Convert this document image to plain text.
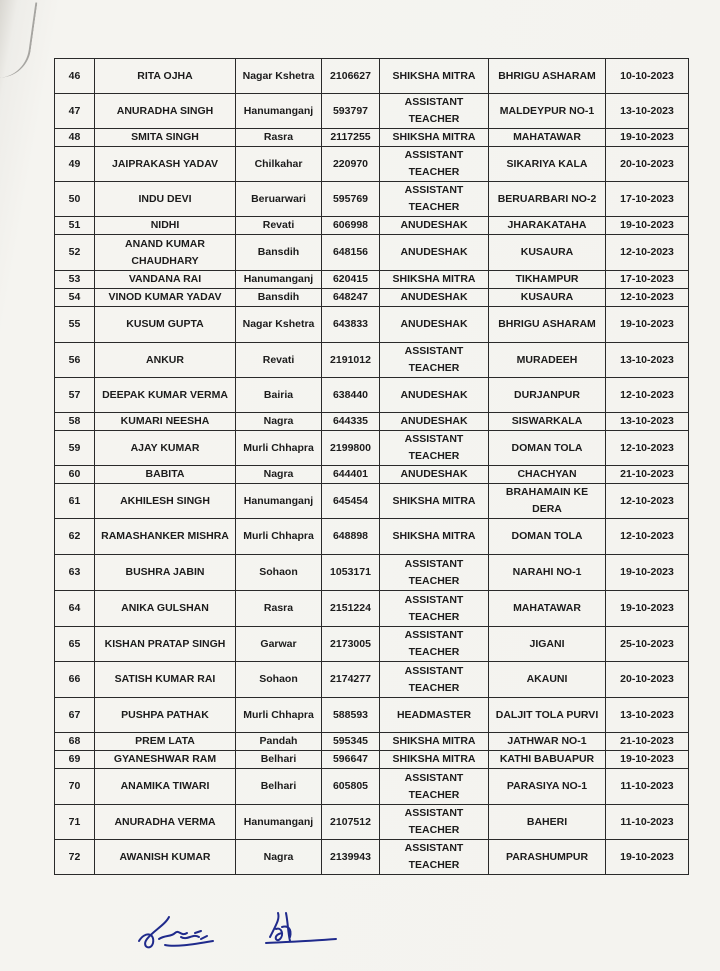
46	RITA OJHA	Nagar Kshetra	2106627	SHIKSHA MITRA	BHRIGU ASHARAM	10-10-2023
47	ANURADHA SINGH	Hanumanganj	593797	ASSISTANT TEACHER	MALDEYPUR NO-1	13-10-2023
48	SMITA SINGH	Rasra	2117255	SHIKSHA MITRA	MAHATAWAR	19-10-2023
49	JAIPRAKASH YADAV	Chilkahar	220970	ASSISTANT TEACHER	SIKARIYA KALA	20-10-2023
50	INDU DEVI	Beruarwari	595769	ASSISTANT TEACHER	BERUARBARI NO-2	17-10-2023
51	NIDHI	Revati	606998	ANUDESHAK	JHARAKATAHA	19-10-2023
52	ANAND KUMAR CHAUDHARY	Bansdih	648156	ANUDESHAK	KUSAURA	12-10-2023
53	VANDANA RAI	Hanumanganj	620415	SHIKSHA MITRA	TIKHAMPUR	17-10-2023
54	VINOD KUMAR YADAV	Bansdih	648247	ANUDESHAK	KUSAURA	12-10-2023
55	KUSUM GUPTA	Nagar Kshetra	643833	ANUDESHAK	BHRIGU ASHARAM	19-10-2023
56	ANKUR	Revati	2191012	ASSISTANT TEACHER	MURADEEH	13-10-2023
57	DEEPAK KUMAR VERMA	Bairia	638440	ANUDESHAK	DURJANPUR	12-10-2023
58	KUMARI NEESHA	Nagra	644335	ANUDESHAK	SISWARKALA	13-10-2023
59	AJAY KUMAR	Murli Chhapra	2199800	ASSISTANT TEACHER	DOMAN TOLA	12-10-2023
60	BABITA	Nagra	644401	ANUDESHAK	CHACHYAN	21-10-2023
61	AKHILESH SINGH	Hanumanganj	645454	SHIKSHA MITRA	BRAHAMAIN KE DERA	12-10-2023
62	RAMASHANKER MISHRA	Murli Chhapra	648898	SHIKSHA MITRA	DOMAN TOLA	12-10-2023
63	BUSHRA JABIN	Sohaon	1053171	ASSISTANT TEACHER	NARAHI NO-1	19-10-2023
64	ANIKA GULSHAN	Rasra	2151224	ASSISTANT TEACHER	MAHATAWAR	19-10-2023
65	KISHAN PRATAP SINGH	Garwar	2173005	ASSISTANT TEACHER	JIGANI	25-10-2023
66	SATISH KUMAR RAI	Sohaon	2174277	ASSISTANT TEACHER	AKAUNI	20-10-2023
67	PUSHPA PATHAK	Murli Chhapra	588593	HEADMASTER	DALJIT TOLA PURVI	13-10-2023
68	PREM LATA	Pandah	595345	SHIKSHA MITRA	JATHWAR NO-1	21-10-2023
69	GYANESHWAR RAM	Belhari	596647	SHIKSHA MITRA	KATHI BABUAPUR	19-10-2023
70	ANAMIKA TIWARI	Belhari	605805	ASSISTANT TEACHER	PARASIYA NO-1	11-10-2023
71	ANURADHA VERMA	Hanumanganj	2107512	ASSISTANT TEACHER	BAHERI	11-10-2023
72	AWANISH KUMAR	Nagra	2139943	ASSISTANT TEACHER	PARASHUMPUR	19-10-2023
